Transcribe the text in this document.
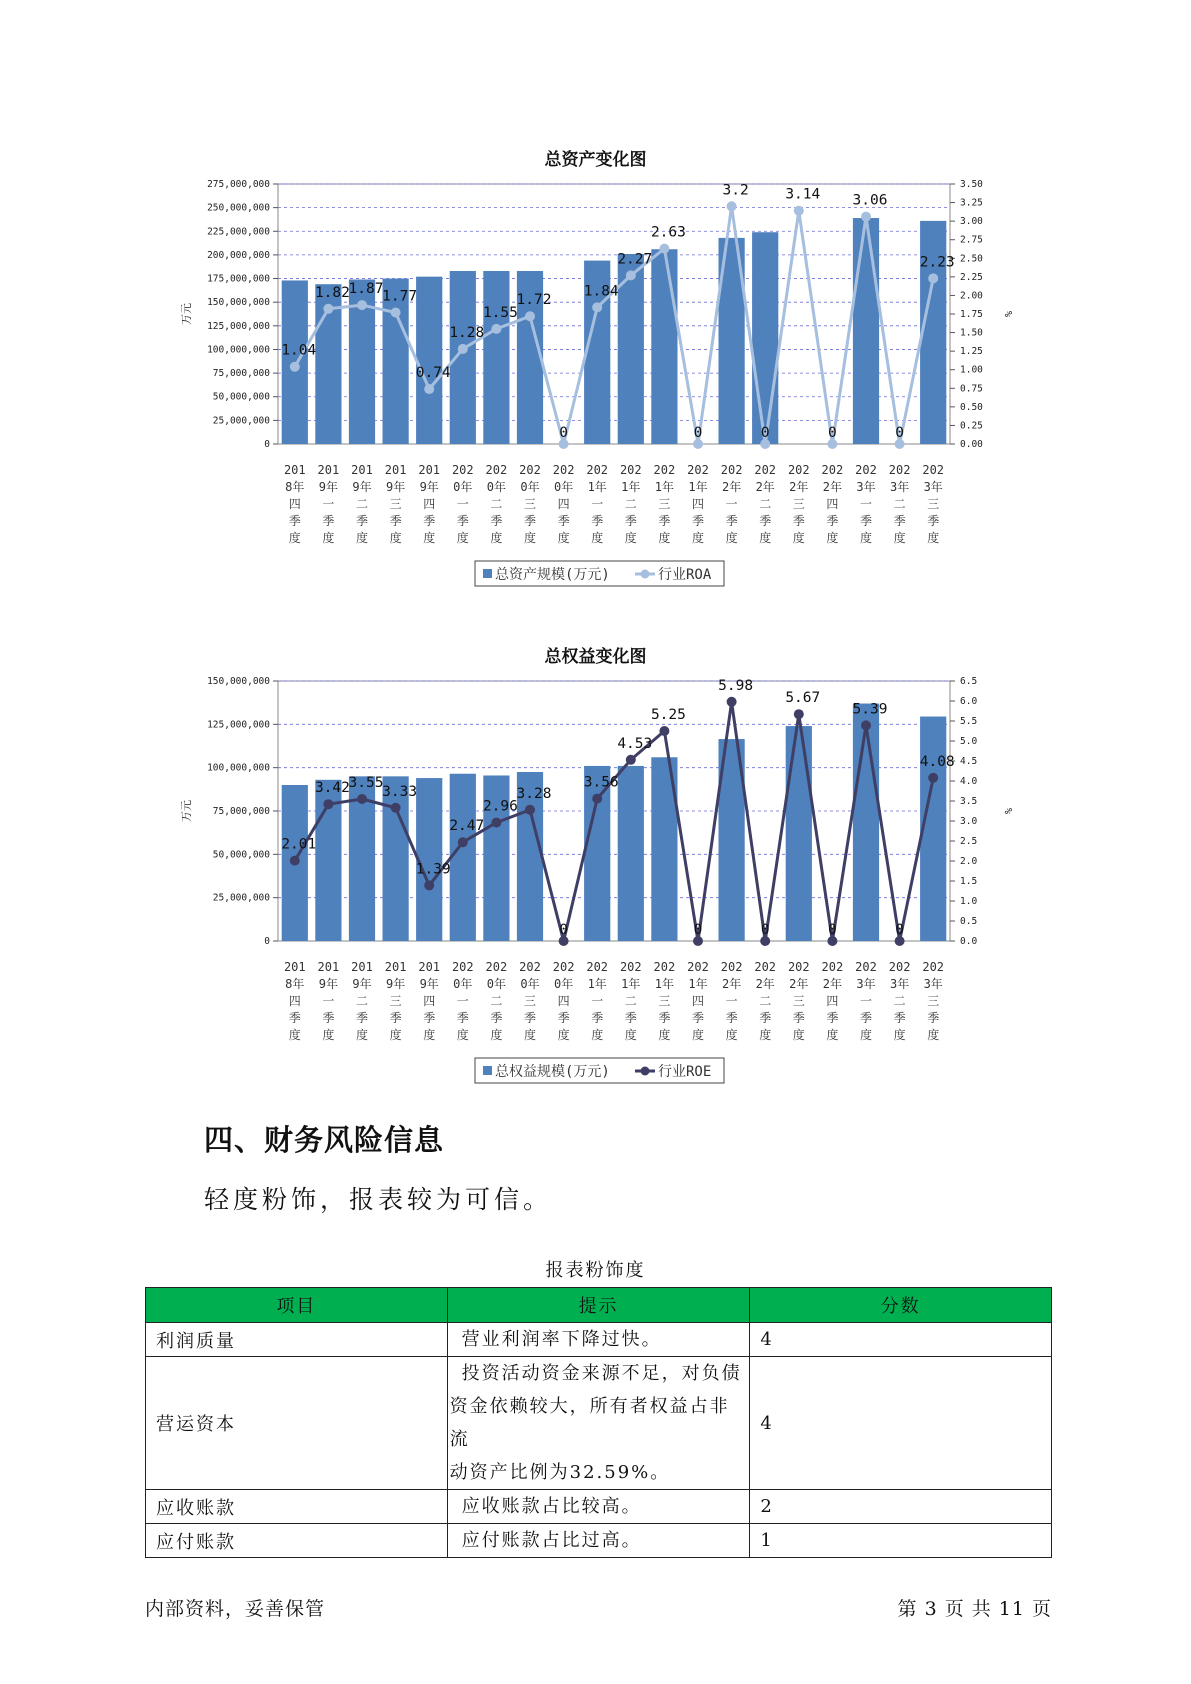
总资产变化图
0
25,000,000
50,000,000
75,000,000
100,000,000
125,000,000
150,000,000
175,000,000
200,000,000
225,000,000
250,000,000
275,000,000
0.00
0.25
0.50
0.75
1.00
1.25
1.50
1.75
2.00
2.25
2.50
2.75
3.00
3.25
3.50
万元	%
201
8年
四
季
度
201
9年
一
季
度
201
9年
二
季
度
201
9年
三
季
度
201
9年
四
季
度
202
0年
一
季
度
202
0年
二
季
度
202
0年
三
季
度
202
0年
四
季
度
202
1年
一
季
度
202
1年
二
季
度
202
1年
三
季
度
202
1年
四
季
度
202
2年
一
季
度
202
2年
二
季
度
202
2年
三
季
度
202
2年
四
季
度
202
3年
一
季
度
202
3年
二
季
度
202
3年
三
季
度
1.04
1.82
1.87
1.77
0.74
1.28
1.55
1.72
0
1.84
2.27
2.63
0
3.2
0
3.14
0
3.06
0
2.23
总资产规模(万元)	行业ROA
总权益变化图
0
25,000,000
50,000,000
75,000,000
100,000,000
125,000,000
150,000,000
0.0
0.5
1.0
1.5
2.0
2.5
3.0
3.5
4.0
4.5
5.0
5.5
6.0
6.5
万元	%
201
8年
四
季
度
201
9年
一
季
度
201
9年
二
季
度
201
9年
三
季
度
201
9年
四
季
度
202
0年
一
季
度
202
0年
二
季
度
202
0年
三
季
度
202
0年
四
季
度
202
1年
一
季
度
202
1年
二
季
度
202
1年
三
季
度
202
1年
四
季
度
202
2年
一
季
度
202
2年
二
季
度
202
2年
三
季
度
202
2年
四
季
度
202
3年
一
季
度
202
3年
二
季
度
202
3年
三
季
度
2.01
3.42
3.55
3.33
1.39
2.47
2.96
3.28
0
3.56
4.53
5.25
0
5.98
0
5.67
0
5.39
0
4.08
总权益规模(万元)	行业ROE
四、财务风险信息
轻度粉饰，报表较为可信。
报表粉饰度
项目	提示	分数
利润质量	营业利润率下降过快。	4
营运资本	投资活动资金来源不足，对负债
资金依赖较大，所有者权益占非流
动资产比例为32.59%。	4
应收账款	应收账款占比较高。	2
应付账款	应付账款占比过高。	1
内部资料，妥善保管	第 3 页 共 11 页
